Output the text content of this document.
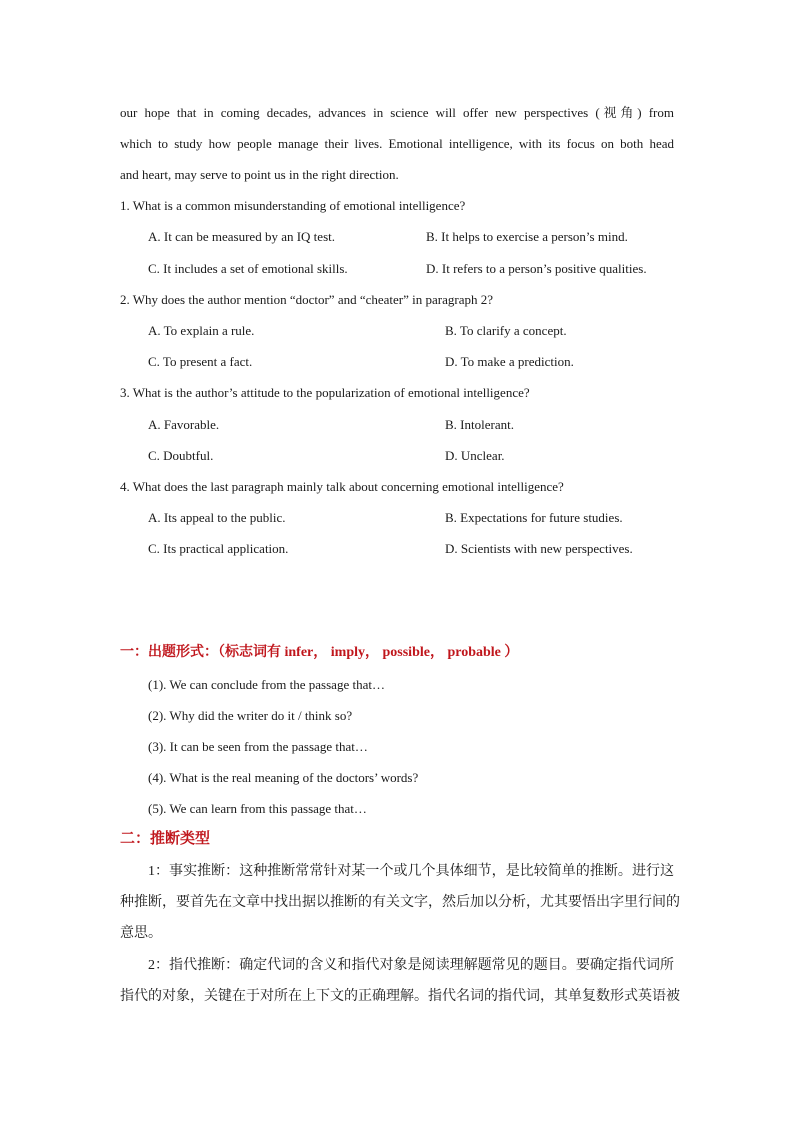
our hope that in coming decades, advances in science will offer new perspectives (视角) from
which to study how people manage their lives. Emotional intelligence, with its focus on both head
and heart, may serve to point us in the right direction.
1. What is a common misunderstanding of emotional intelligence?
A. It can be measured by an IQ test.	B. It helps to exercise a person’s mind.
C. It includes a set of emotional skills.	D. It refers to a person’s positive qualities.
2. Why does the author mention “doctor” and “cheater” in paragraph 2?
A. To explain a rule.	B. To clarify a concept.
C. To present a fact.	D. To make a prediction.
3. What is the author’s attitude to the popularization of emotional intelligence?
A. Favorable.	B. Intolerant.
C. Doubtful.	D. Unclear.
4. What does the last paragraph mainly talk about concerning emotional intelligence?
A. Its appeal to the public.	B. Expectations for future studies.
C. Its practical application.	D. Scientists with new perspectives.
一：出题形式：（标志词有 infer， imply， possible， probable ）
(1). We can conclude from the passage that…
(2). Why did the writer do it / think so?
(3). It can be seen from the passage that…
(4). What is the real meaning of the doctors’ words?
(5). We can learn from this passage that…
二：推断类型
1：事实推断：这种推断常常针对某一个或几个具体细节，是比较简单的推断。进行这
种推断，要首先在文章中找出据以推断的有关文字，然后加以分析，尤其要悟出字里行间的
意思。
2：指代推断：确定代词的含义和指代对象是阅读理解题常见的题目。要确定指代词所
指代的对象，关键在于对所在上下文的正确理解。指代名词的指代词，其单复数形式英语被
